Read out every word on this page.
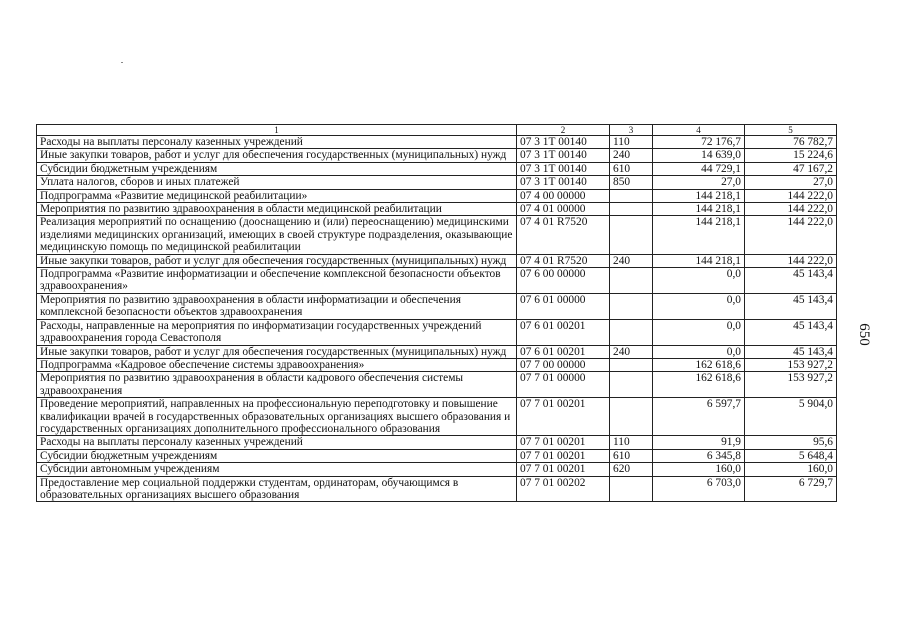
1	2	3	4	5
Расходы на выплаты персоналу казенных учреждений	07 3 1Т 00140	110	72 176,7	76 782,7
Иные закупки товаров, работ и услуг для обеспечения государственных (муниципальных) нужд	07 3 1Т 00140	240	14 639,0	15 224,6
Субсидии бюджетным учреждениям	07 3 1Т 00140	610	44 729,1	47 167,2
Уплата налогов, сборов и иных платежей	07 3 1Т 00140	850	27,0	27,0
Подпрограмма «Развитие медицинской реабилитации»	07 4 00 00000		144 218,1	144 222,0
Мероприятия по развитию здравоохранения в области медицинской реабилитации	07 4 01 00000		144 218,1	144 222,0
Реализация мероприятий по оснащению (дооснащению и (или) переоснащению) медицинскими изделиями медицинских организаций, имеющих в своей структуре подразделения, оказывающие медицинскую помощь по медицинской реабилитации	07 4 01 R7520		144 218,1	144 222,0
Иные закупки товаров, работ и услуг для обеспечения государственных (муниципальных) нужд	07 4 01 R7520	240	144 218,1	144 222,0
Подпрограмма «Развитие информатизации и обеспечение комплексной безопасности объектов здравоохранения»	07 6 00 00000		0,0	45 143,4
Мероприятия по развитию здравоохранения в области информатизации и обеспечения комплексной безопасности объектов здравоохранения	07 6 01 00000		0,0	45 143,4
Расходы, направленные на мероприятия по информатизации государственных учреждений здравоохранения города Севастополя	07 6 01 00201		0,0	45 143,4
Иные закупки товаров, работ и услуг для обеспечения государственных (муниципальных) нужд	07 6 01 00201	240	0,0	45 143,4
Подпрограмма «Кадровое обеспечение системы здравоохранения»	07 7 00 00000		162 618,6	153 927,2
Мероприятия по развитию здравоохранения в области кадрового обеспечения системы здравоохранения	07 7 01 00000		162 618,6	153 927,2
Проведение мероприятий, направленных на профессиональную переподготовку и повышение квалификации врачей в государственных образовательных организациях высшего образования и государственных организациях дополнительного профессионального образования	07 7 01 00201		6 597,7	5 904,0
Расходы на выплаты персоналу казенных учреждений	07 7 01 00201	110	91,9	95,6
Субсидии бюджетным учреждениям	07 7 01 00201	610	6 345,8	5 648,4
Субсидии автономным учреждениям	07 7 01 00201	620	160,0	160,0
Предоставление мер социальной поддержки студентам, ординаторам, обучающимся в образовательных организациях высшего образования	07 7 01 00202		6 703,0	6 729,7
650
